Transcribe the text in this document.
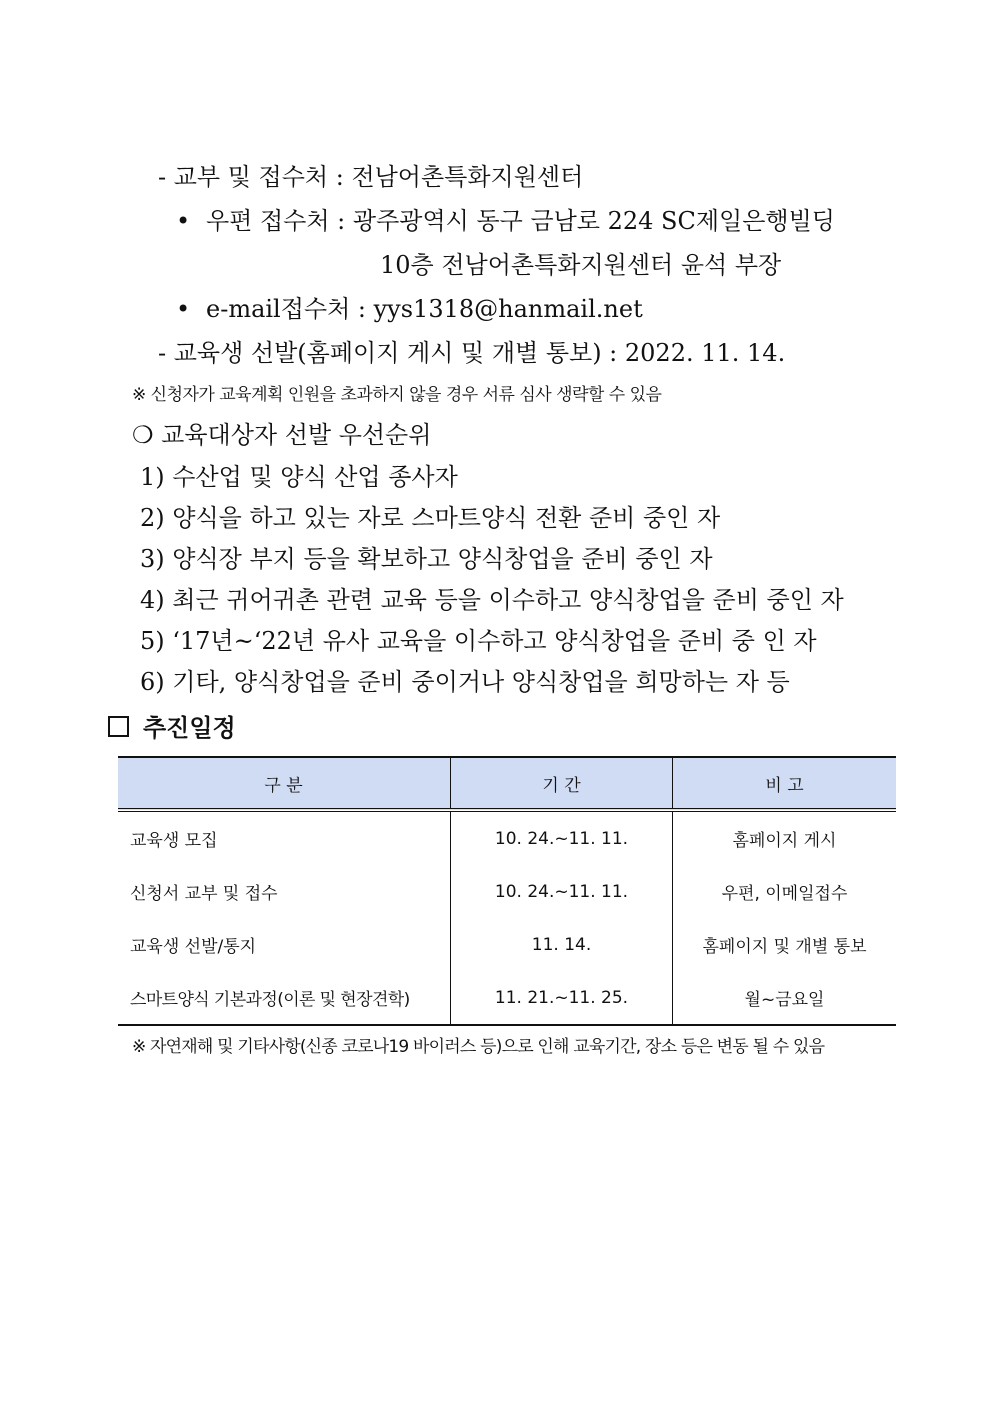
- 교부 및 접수처 : 전남어촌특화지원센터
• 우편 접수처 : 광주광역시 동구 금남로 224 SC제일은행빌딩
10층 전남어촌특화지원센터 윤석 부장
• e-mail접수처 : yys1318@hanmail.net
- 교육생 선발(홈페이지 게시 및 개별 통보) : 2022. 11. 14.
※ 신청자가 교육계획 인원을 초과하지 않을 경우 서류 심사 생략할 수 있음
❍ 교육대상자 선발 우선순위
1) 수산업 및 양식 산업 종사자
2) 양식을 하고 있는 자로 스마트양식 전환 준비 중인 자
3) 양식장 부지 등을 확보하고 양식창업을 준비 중인 자
4) 최근 귀어귀촌 관련 교육 등을 이수하고 양식창업을 준비 중인 자
5) ‘17년~‘22년 유사 교육을 이수하고 양식창업을 준비 중 인 자
6) 기타, 양식창업을 준비 중이거나 양식창업을 희망하는 자 등
추진일정
구 분	기 간	비 고
교육생 모집	10. 24.~11. 11.	홈페이지 게시
신청서 교부 및 접수	10. 24.~11. 11.	우편, 이메일접수
교육생 선발/통지	11. 14.	홈페이지 및 개별 통보
스마트양식 기본과정(이론 및 현장견학)	11. 21.~11. 25.	월~금요일
※ 자연재해 및 기타사항(신종 코로나19 바이러스 등)으로 인해 교육기간, 장소 등은 변동 될 수 있음
